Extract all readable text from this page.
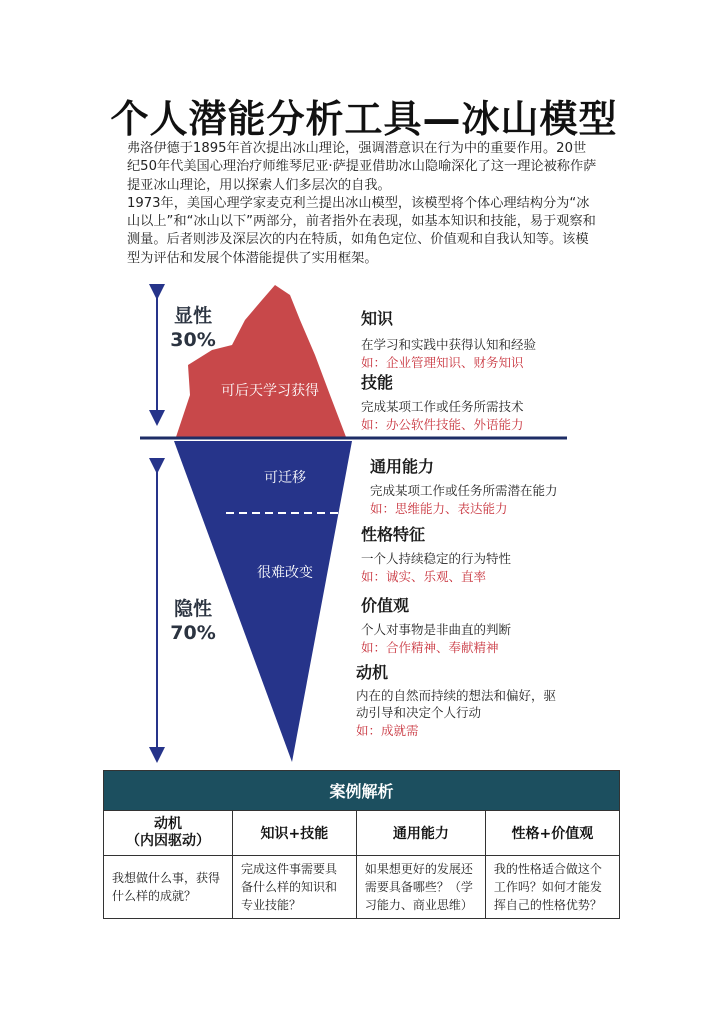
个人潜能分析工具—冰山模型

弗洛伊德于1895年首次提出冰山理论，强调潜意识在行为中的重要作用。20世纪50年代美国心理治疗师维琴尼亚·萨提亚借助冰山隐喻深化了这一理论被称作萨提亚冰山理论，用以探索人们多层次的自我。

1973年，美国心理学家麦克利兰提出冰山模型，该模型将个体心理结构分为“冰山以上”和“冰山以下”两部分，前者指外在表现，如基本知识和技能，易于观察和测量。后者则涉及深层次的内在特质，如角色定位、价值观和自我认知等。该模型为评估和发展个体潜能提供了实用框架。

显性
30%
隐性
70%
可后天学习获得
可迁移
很难改变
知识
在学习和实践中获得认知和经验
如：企业管理知识、财务知识
技能
完成某项工作或任务所需技术
如：办公软件技能、外语能力
通用能力
完成某项工作或任务所需潜在能力
如：思维能力、表达能力
性格特征
一个人持续稳定的行为特性
如：诚实、乐观、直率
价值观
个人对事物是非曲直的判断
如：合作精神、奉献精神
动机
内在的自然而持续的想法和偏好，驱动引导和决定个人行动
如：成就需
案例解析			
动机
（内因驱动）	知识+技能	通用能力	性格+价值观
我想做什么事，获得什么样的成就？	完成这件事需要具备什么样的知识和专业技能？	如果想更好的发展还需要具备哪些？（学习能力、商业思维）	我的性格适合做这个工作吗？如何才能发挥自己的性格优势？
